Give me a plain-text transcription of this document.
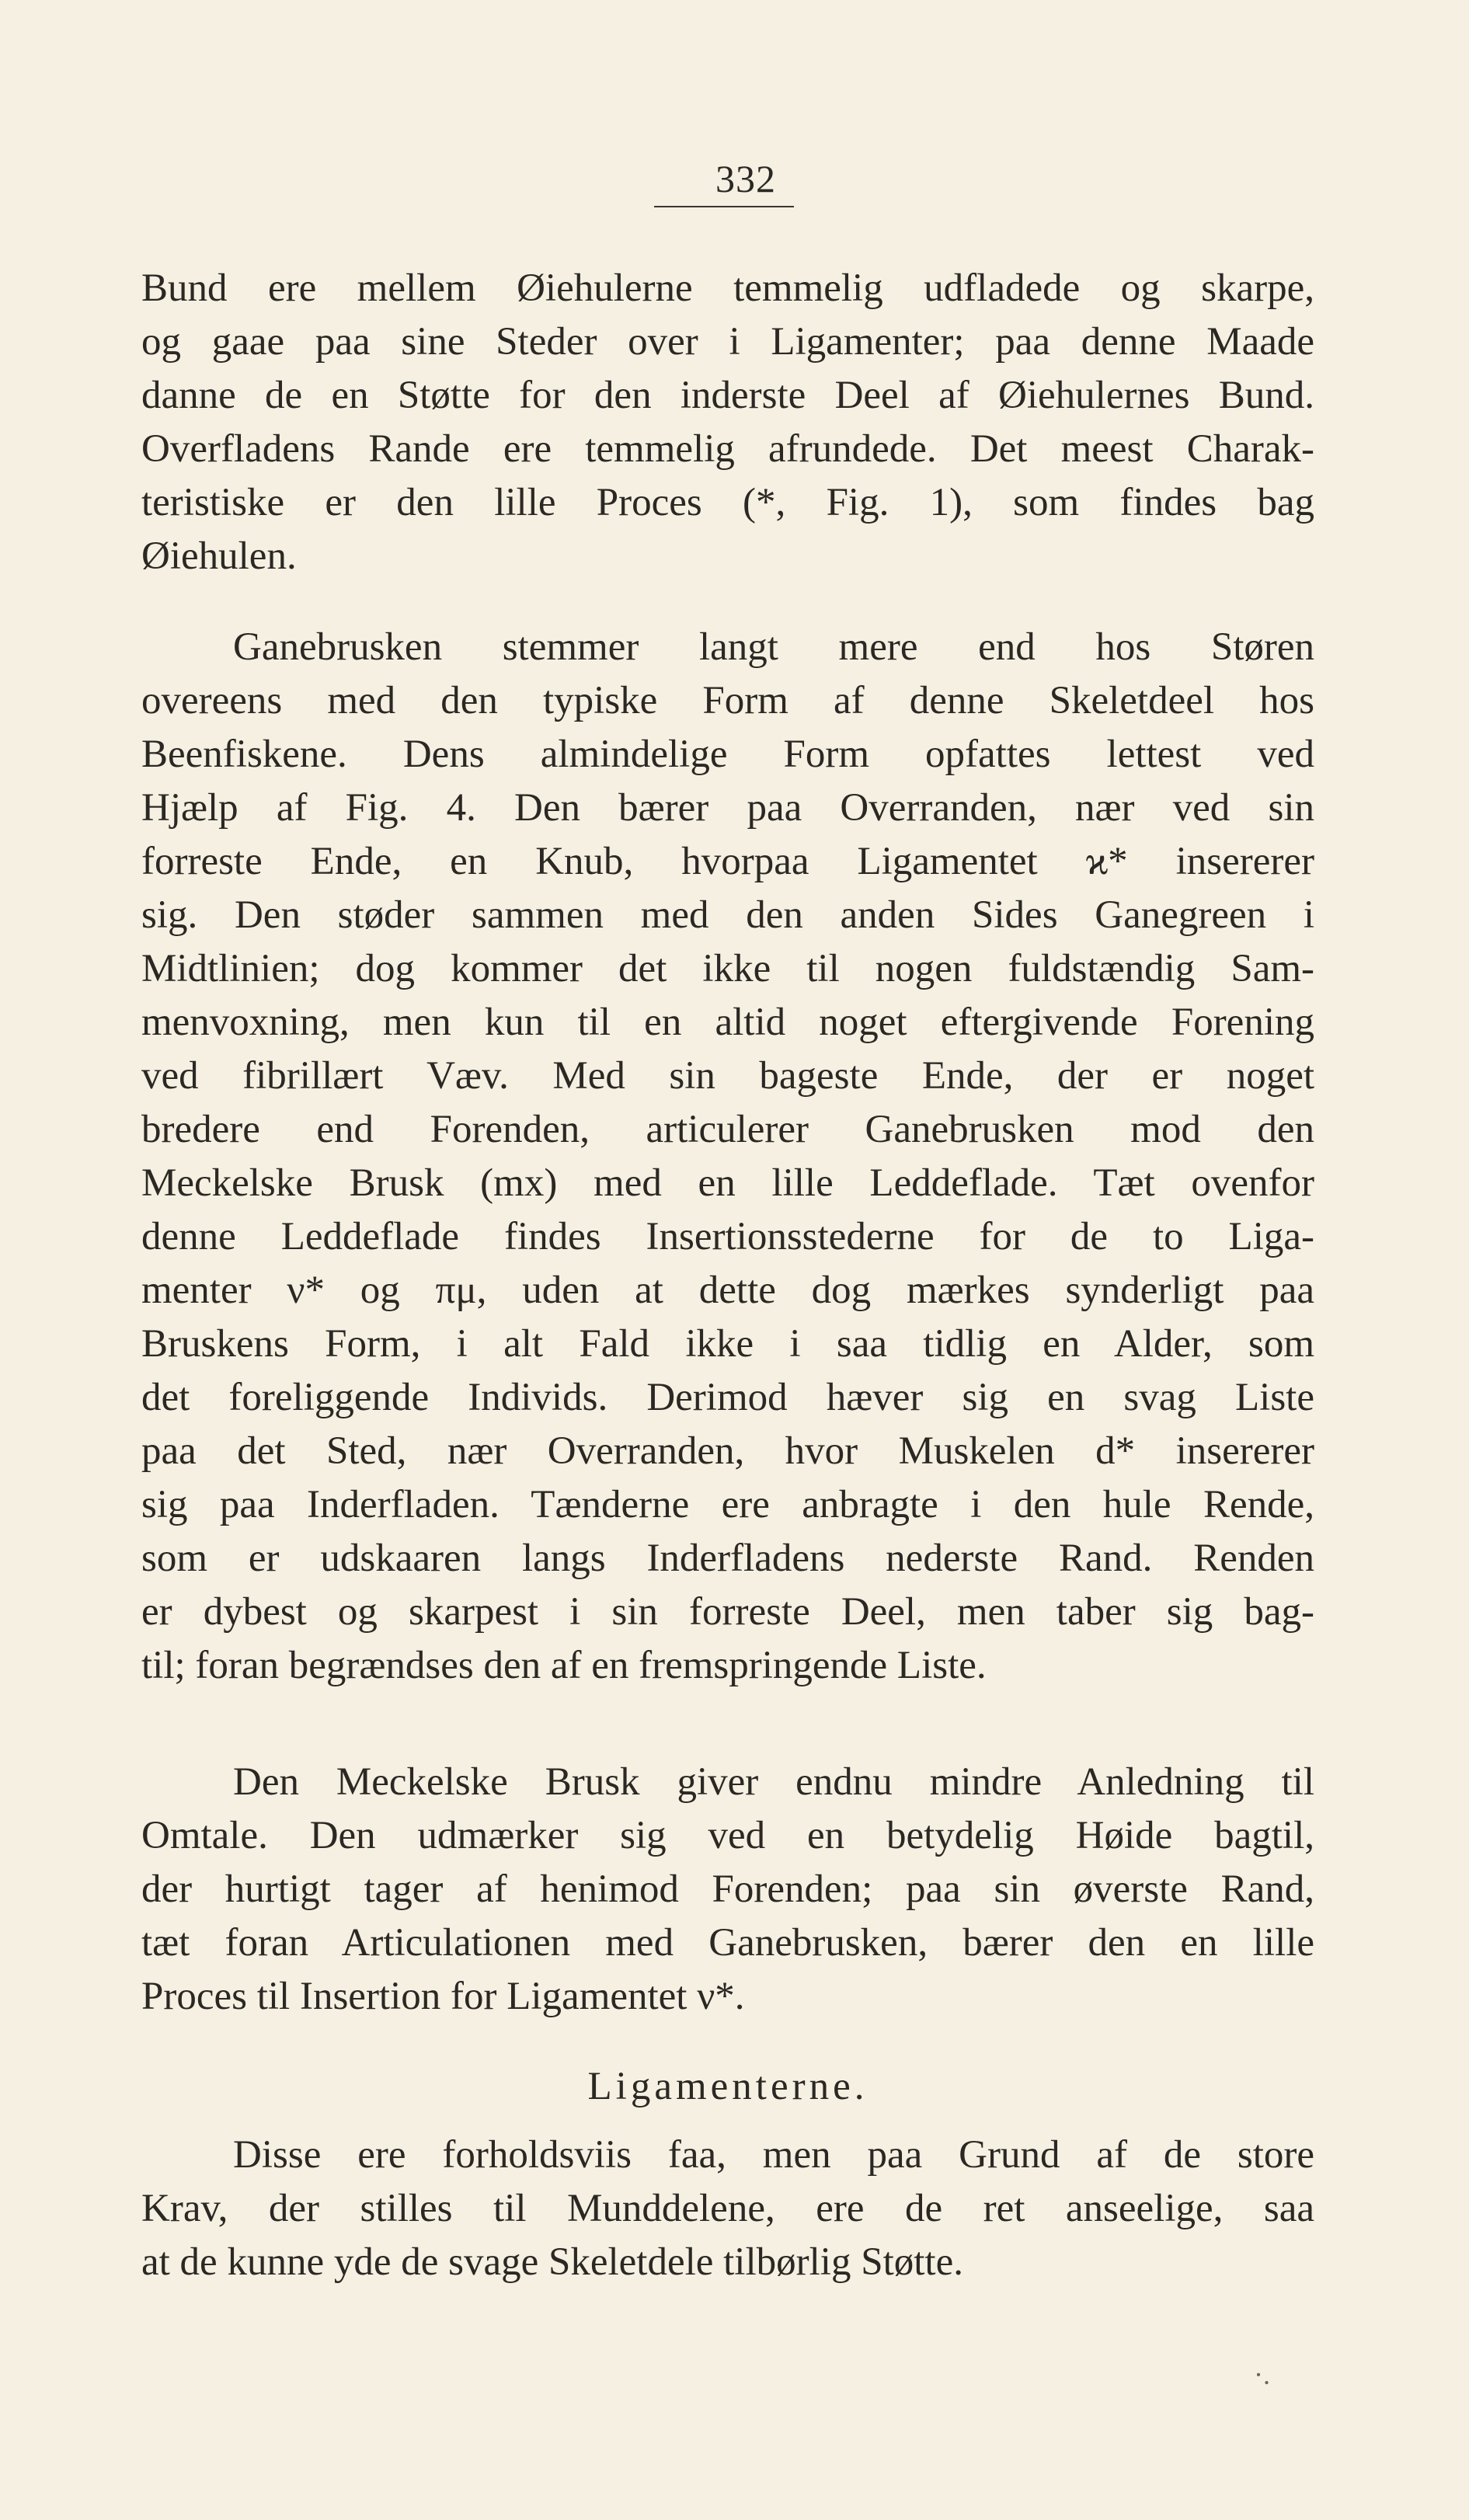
332
Bund ere mellem Øiehulerne temmelig udfladede og skarpe,
og gaae paa sine Steder over i Ligamenter; paa denne Maade
danne de en Støtte for den inderste Deel af Øiehulernes Bund.
Overfladens Rande ere temmelig afrundede. Det meest Charak-
teristiske er den lille Proces (*, Fig. 1), som findes bag
Øiehulen.
Ganebrusken stemmer langt mere end hos Støren
overeens med den typiske Form af denne Skeletdeel hos
Beenfiskene. Dens almindelige Form opfattes lettest ved
Hjælp af Fig. 4. Den bærer paa Overranden, nær ved sin
forreste Ende, en Knub, hvorpaa Ligamentet ϰ* insererer
sig. Den støder sammen med den anden Sides Ganegreen i
Midtlinien; dog kommer det ikke til nogen fuldstændig Sam-
menvoxning, men kun til en altid noget eftergivende Forening
ved fibrillært Væv. Med sin bageste Ende, der er noget
bredere end Forenden, articulerer Ganebrusken mod den
Meckelske Brusk (mx) med en lille Leddeflade. Tæt ovenfor
denne Leddeflade findes Insertionsstederne for de to Liga-
menter ν* og πμ, uden at dette dog mærkes synderligt paa
Bruskens Form, i alt Fald ikke i saa tidlig en Alder, som
det foreliggende Individs. Derimod hæver sig en svag Liste
paa det Sted, nær Overranden, hvor Muskelen d* insererer
sig paa Inderfladen. Tænderne ere anbragte i den hule Rende,
som er udskaaren langs Inderfladens nederste Rand. Renden
er dybest og skarpest i sin forreste Deel, men taber sig bag-
til; foran begrændses den af en fremspringende Liste.
Den Meckelske Brusk giver endnu mindre Anledning til
Omtale. Den udmærker sig ved en betydelig Høide bagtil,
der hurtigt tager af henimod Forenden; paa sin øverste Rand,
tæt foran Articulationen med Ganebrusken, bærer den en lille
Proces til Insertion for Ligamentet ν*.
Ligamenterne.
Disse ere forholdsviis faa, men paa Grund af de store
Krav, der stilles til Munddelene, ere de ret anseelige, saa
at de kunne yde de svage Skeletdele tilbørlig Støtte.
·.
